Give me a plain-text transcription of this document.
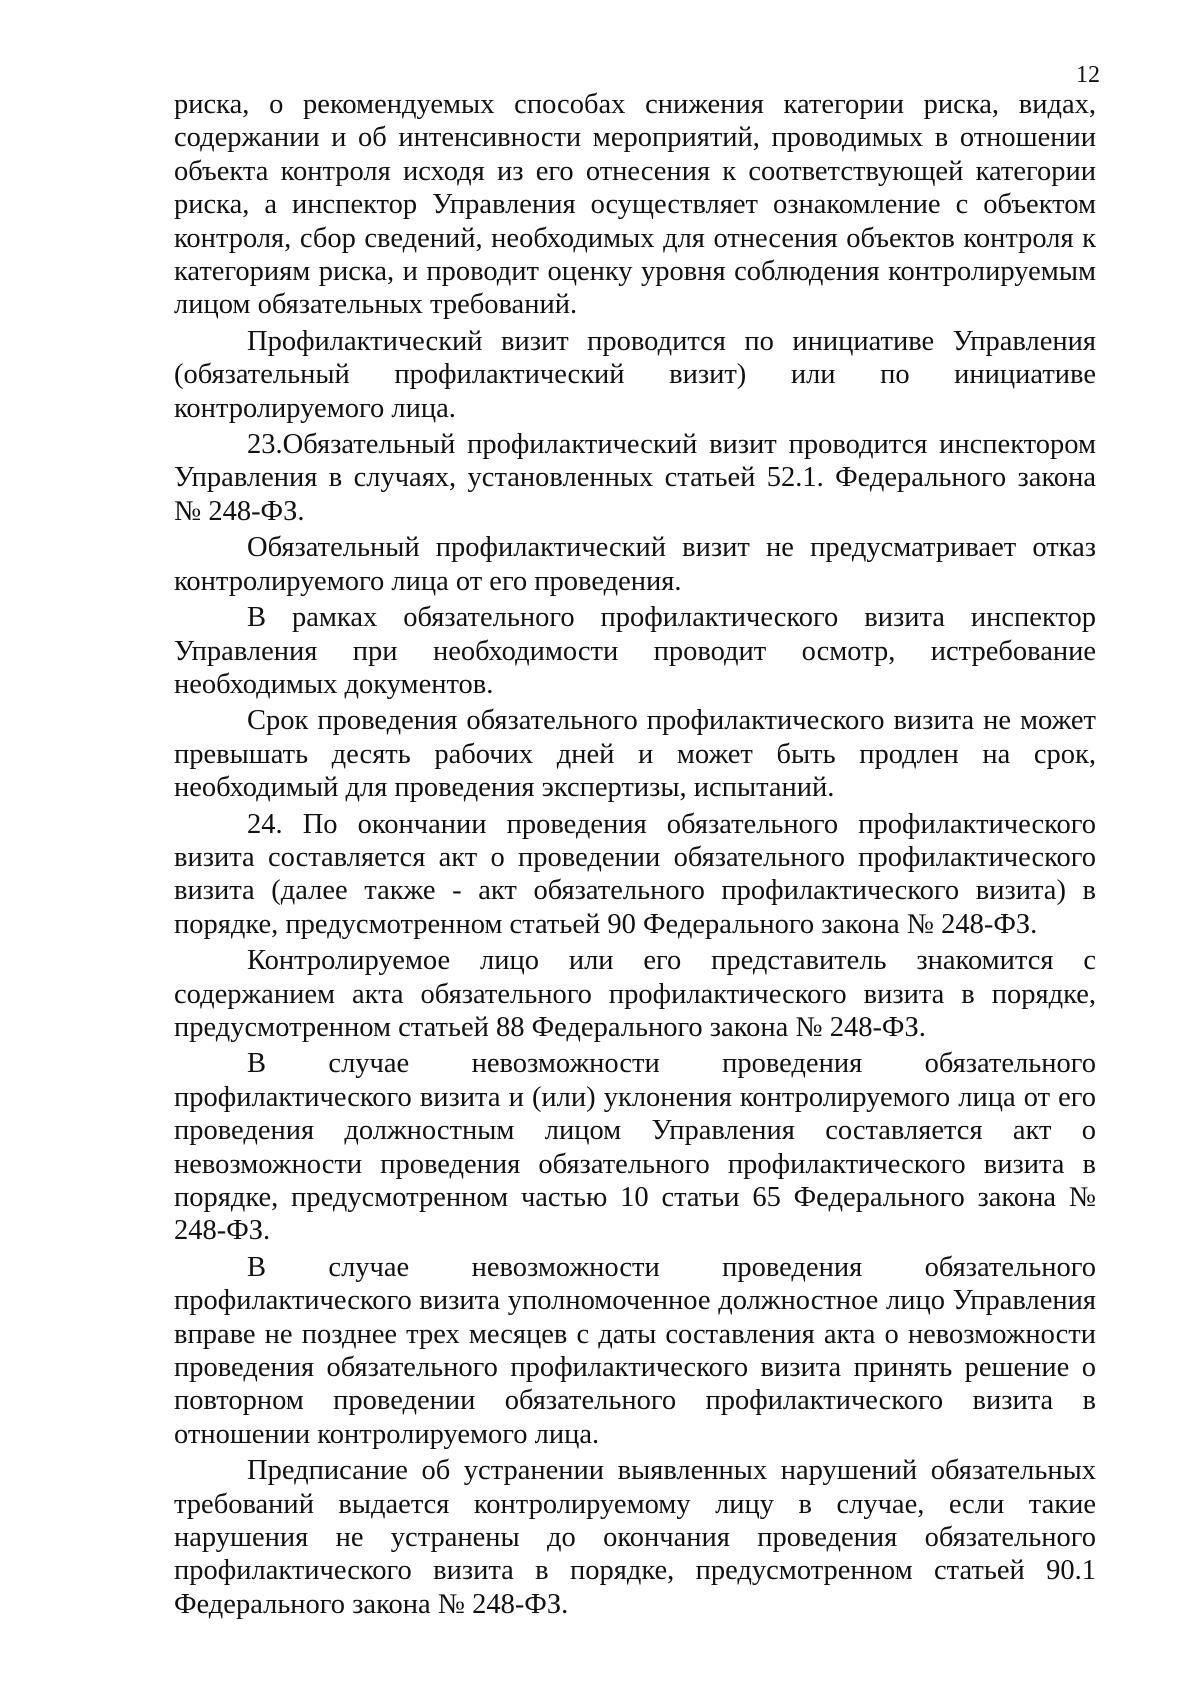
12

риска, о рекомендуемых способах снижения категории риска, видах, содержании и об интенсивности мероприятий, проводимых в отношении объекта контроля исходя из его отнесения к соответствующей категории риска, а инспектор Управления осуществляет ознакомление с объектом контроля, сбор сведений, необходимых для отнесения объектов контроля к категориям риска, и проводит оценку уровня соблюдения контролируемым лицом обязательных требований.

Профилактический визит проводится по инициативе Управления (обязательный профилактический визит) или по инициативе контролируемого лица.

23.Обязательный профилактический визит проводится инспектором Управления в случаях, установленных статьей 52.1. Федерального закона № 248-ФЗ.

Обязательный профилактический визит не предусматривает отказ контролируемого лица от его проведения.

В рамках обязательного профилактического визита инспектор Управления при необходимости проводит осмотр, истребование необходимых документов.

Срок проведения обязательного профилактического визита не может превышать десять рабочих дней и может быть продлен на срок, необходимый для проведения экспертизы, испытаний.

24. По окончании проведения обязательного профилактического визита составляется акт о проведении обязательного профилактического визита (далее также - акт обязательного профилактического визита) в порядке, предусмотренном статьей 90 Федерального закона № 248-ФЗ.

Контролируемое лицо или его представитель знакомится с содержанием акта обязательного профилактического визита в порядке, предусмотренном статьей 88 Федерального закона № 248-ФЗ.

В случае невозможности проведения обязательного профилактического визита и (или) уклонения контролируемого лица от его проведения должностным лицом Управления составляется акт о невозможности проведения обязательного профилактического визита в порядке, предусмотренном частью 10 статьи 65 Федерального закона № 248-ФЗ.

В случае невозможности проведения обязательного профилактического визита уполномоченное должностное лицо Управления вправе не позднее трех месяцев с даты составления акта о невозможности проведения обязательного профилактического визита принять решение о повторном проведении обязательного профилактического визита в отношении контролируемого лица.

Предписание об устранении выявленных нарушений обязательных требований выдается контролируемому лицу в случае, если такие нарушения не устранены до окончания проведения обязательного профилактического визита в порядке, предусмотренном статьей 90.1 Федерального закона № 248-ФЗ.
